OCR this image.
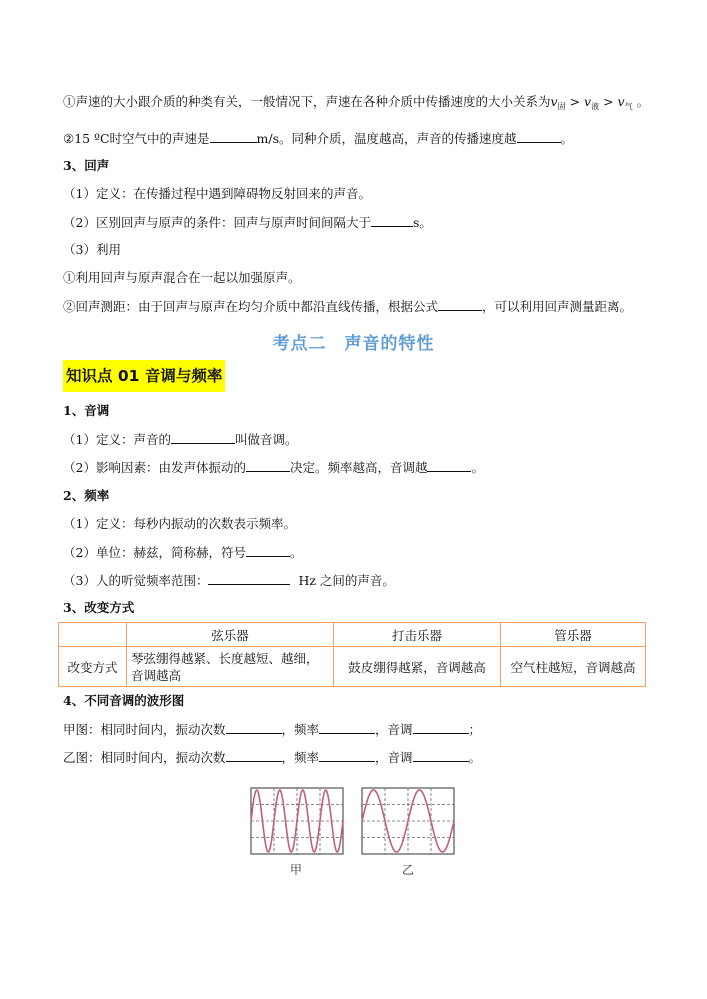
①声速的大小跟介质的种类有关，一般情况下，声速在各种介质中传播速度的大小关系为$v_固 > v_液 > v_气$ 。
②15 ºC时空气中的声速是	m/s。同种介质，温度越高，声音的传播速度越	。
3、回声
（1）定义：在传播过程中遇到障碍物反射回来的声音。
（2）区别回声与原声的条件：回声与原声时间间隔大于	s。
（3）利用
①利用回声与原声混合在一起以加强原声。
②回声测距：由于回声与原声在均匀介质中都沿直线传播，根据公式	，可以利用回声测量距离。
考点二　声音的特性
知识点 01 音调与频率
1、音调
（1）定义：声音的	叫做音调。
（2）影响因素：由发声体振动的	决定。频率越高，音调越	。
2、频率
（1）定义：每秒内振动的次数表示频率。
（2）单位：赫兹，简称赫，符号	。
（3）人的听觉频率范围：	Hz 之间的声音。
3、改变方式
	弦乐器	打击乐器	管乐器
改变方式	琴弦绷得越紧、长度越短、越细，
音调越高	鼓皮绷得越紧，音调越高	空气柱越短，音调越高
4、不同音调的波形图
甲图：相同时间内，振动次数	，频率	，音调	；
乙图：相同时间内，振动次数	，频率	，音调	。
甲	乙
